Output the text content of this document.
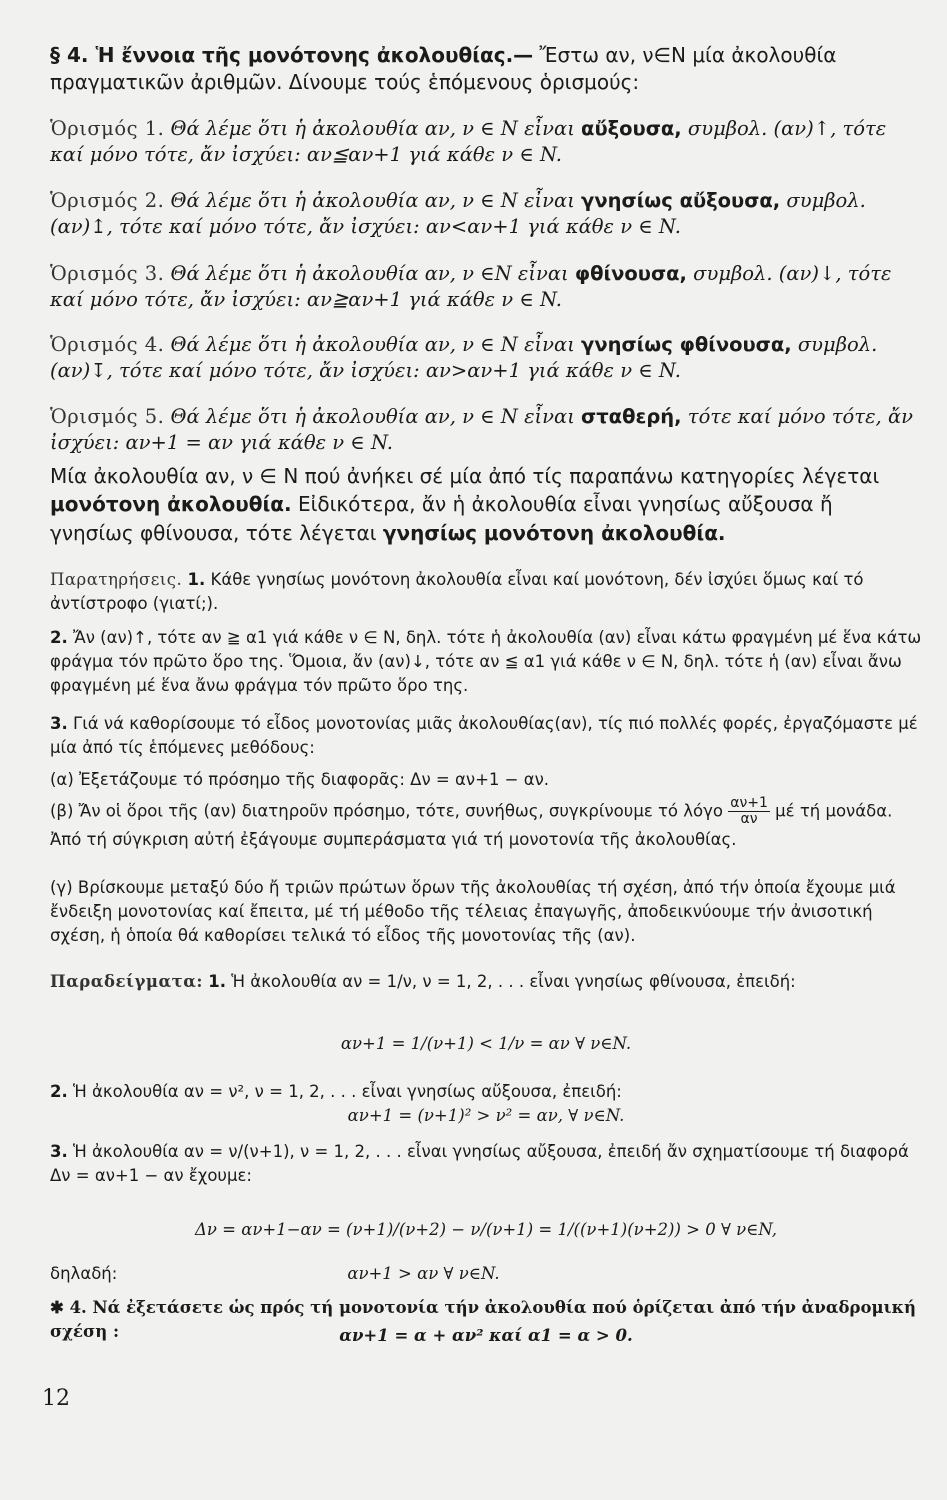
§ 4. Ἡ ἔννοια τῆς μονότονης ἀκολουθίας.— Ἔστω αν, ν∈N μία ἀκολουθία πραγματικῶν ἀριθμῶν. Δίνουμε τούς ἑπόμενους ὁρισμούς:

Ὁρισμός 1. Θά λέμε ὅτι ἡ ἀκολουθία αν, ν ∈ N εἶναι αὔξουσα, συμβολ. (αν)↑, τότε καί μόνο τότε, ἄν ἰσχύει: αν≦αν+1 γιά κάθε ν ∈ N.

Ὁρισμός 2. Θά λέμε ὅτι ἡ ἀκολουθία αν, ν ∈ N εἶναι γνησίως αὔξουσα, συμβολ. (αν)↥, τότε καί μόνο τότε, ἄν ἰσχύει: αν<αν+1 γιά κάθε ν ∈ N.

Ὁρισμός 3. Θά λέμε ὅτι ἡ ἀκολουθία αν, ν ∈N εἶναι φθίνουσα, συμβολ. (αν)↓, τότε καί μόνο τότε, ἄν ἰσχύει: αν≧αν+1 γιά κάθε ν ∈ N.

Ὁρισμός 4. Θά λέμε ὅτι ἡ ἀκολουθία αν, ν ∈ N εἶναι γνησίως φθίνουσα, συμβολ. (αν)↧, τότε καί μόνο τότε, ἄν ἰσχύει: αν>αν+1 γιά κάθε ν ∈ N.

Ὁρισμός 5. Θά λέμε ὅτι ἡ ἀκολουθία αν, ν ∈ N εἶναι σταθερή, τότε καί μόνο τότε, ἄν ἰσχύει: αν+1 = αν γιά κάθε ν ∈ N.

Μία ἀκολουθία αν, ν ∈ N πού ἀνήκει σέ μία ἀπό τίς παραπάνω κατηγορίες λέγεται μονότονη ἀκολουθία. Εἰδικότερα, ἄν ἡ ἀκολουθία εἶναι γνησίως αὔξουσα ἤ γνησίως φθίνουσα, τότε λέγεται γνησίως μονότονη ἀκολουθία.

Παρατηρήσεις. 1. Κάθε γνησίως μονότονη ἀκολουθία εἶναι καί μονότονη, δέν ἰσχύει ὅμως καί τό ἀντίστροφο (γιατί;).

2. Ἄν (αν)↑, τότε αν ≧ α1 γιά κάθε ν ∈ N, δηλ. τότε ἡ ἀκολουθία (αν) εἶναι κάτω φραγμένη μέ ἕνα κάτω φράγμα τόν πρῶτο ὅρο της. Ὅμοια, ἄν (αν)↓, τότε αν ≦ α1 γιά κάθε ν ∈ N, δηλ. τότε ἡ (αν) εἶναι ἄνω φραγμένη μέ ἕνα ἄνω φράγμα τόν πρῶτο ὅρο της.

3. Γιά νά καθορίσουμε τό εἶδος μονοτονίας μιᾶς ἀκολουθίας(αν), τίς πιό πολλές φορές, ἐργαζόμαστε μέ μία ἀπό τίς ἑπόμενες μεθόδους:

(α) Ἐξετάζουμε τό πρόσημο τῆς διαφορᾶς: Δν = αν+1 − αν.

(β) Ἄν οἱ ὅροι τῆς (αν) διατηροῦν πρόσημο, τότε, συνήθως, συγκρίνουμε τό λόγο $\frac{\alpha\nu+1}{\alpha\nu}$ μέ τή μονάδα. Ἀπό τή σύγκριση αὐτή ἐξάγουμε συμπεράσματα γιά τή μονοτονία τῆς ἀκολουθίας.

(γ) Βρίσκουμε μεταξύ δύο ἤ τριῶν πρώτων ὅρων τῆς ἀκολουθίας τή σχέση, ἀπό τήν ὁποία ἔχουμε μιά ἔνδειξη μονοτονίας καί ἔπειτα, μέ τή μέθοδο τῆς τέλειας ἐπαγωγῆς, ἀποδεικνύουμε τήν ἀνισοτική σχέση, ἡ ὁποία θά καθορίσει τελικά τό εἶδος τῆς μονοτονίας τῆς (αν).

Παραδείγματα: 1. Ἡ ἀκολουθία αν = 1/ν, ν = 1, 2, . . . εἶναι γνησίως φθίνουσα, ἐπειδή:

αν+1 = 1/(ν+1) < 1/ν = αν ∀ ν∈N.

2. Ἡ ἀκολουθία αν = ν², ν = 1, 2, . . . εἶναι γνησίως αὔξουσα, ἐπειδή:

αν+1 = (ν+1)² > ν² = αν, ∀ ν∈N.

3. Ἡ ἀκολουθία αν = ν/(ν+1), ν = 1, 2, . . . εἶναι γνησίως αὔξουσα, ἐπειδή ἄν σχηματίσουμε τή διαφορά Δν = αν+1 − αν ἔχουμε:

Δν = αν+1−αν = (ν+1)/(ν+2) − ν/(ν+1) = 1/((ν+1)(ν+2)) > 0 ∀ ν∈N,

δηλαδή:	αν+1 > αν ∀ ν∈N.

✱ 4. Νά ἐξετάσετε ὡς πρός τή μονοτονία τήν ἀκολουθία πού ὁρίζεται ἀπό τήν ἀναδρομική σχέση :	αν+1 = α + αν² καί α1 = α > 0.

12
